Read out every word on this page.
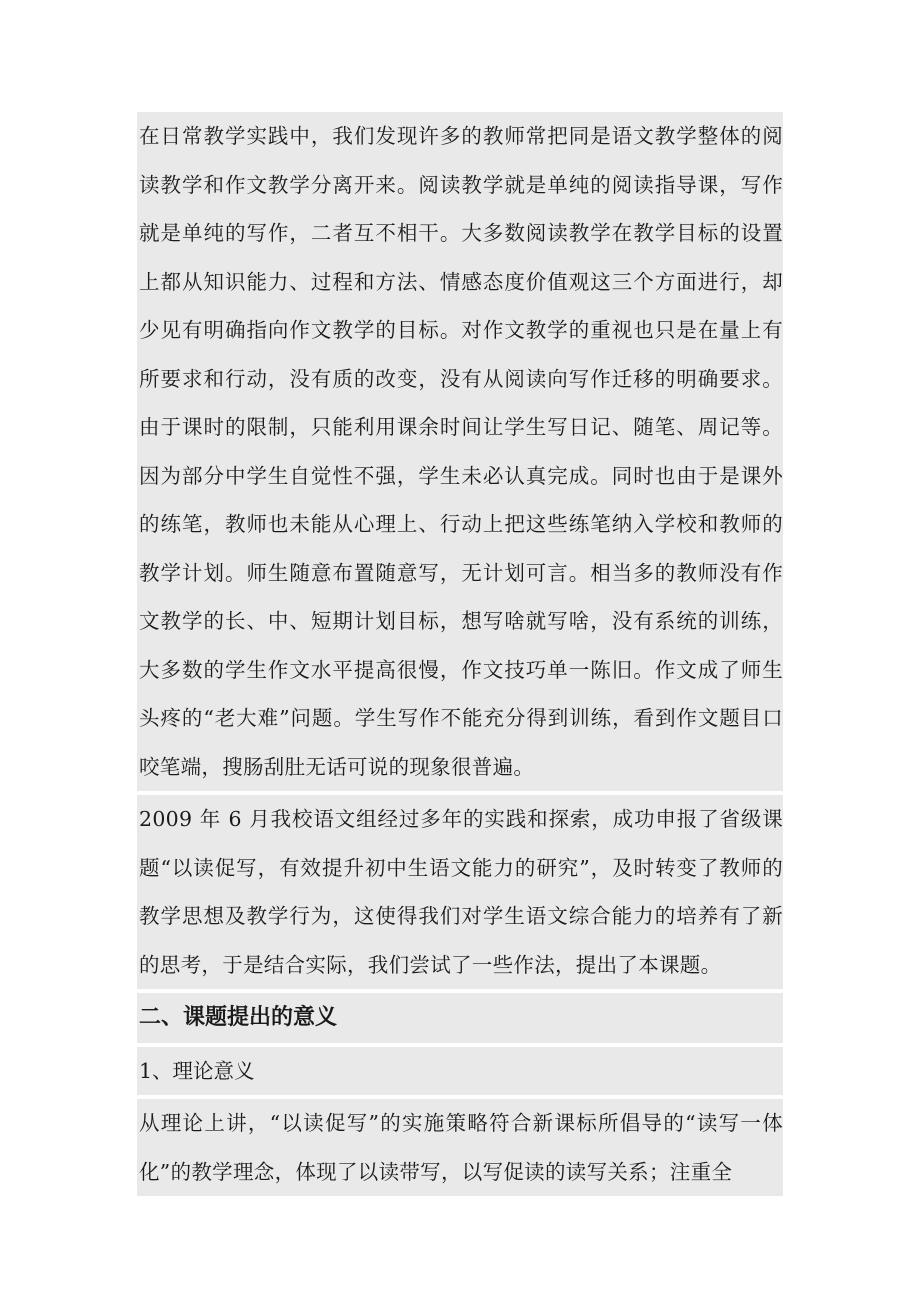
在日常教学实践中，我们发现许多的教师常把同是语文教学整体的阅读教学和作文教学分离开来。阅读教学就是单纯的阅读指导课，写作就是单纯的写作，二者互不相干。大多数阅读教学在教学目标的设置上都从知识能力、过程和方法、情感态度价值观这三个方面进行，却少见有明确指向作文教学的目标。对作文教学的重视也只是在量上有所要求和行动，没有质的改变，没有从阅读向写作迁移的明确要求。由于课时的限制，只能利用课余时间让学生写日记、随笔、周记等。因为部分中学生自觉性不强，学生未必认真完成。同时也由于是课外的练笔，教师也未能从心理上、行动上把这些练笔纳入学校和教师的教学计划。师生随意布置随意写，无计划可言。相当多的教师没有作文教学的长、中、短期计划目标，想写啥就写啥，没有系统的训练，大多数的学生作文水平提高很慢，作文技巧单一陈旧。作文成了师生头疼的“老大难”问题。学生写作不能充分得到训练，看到作文题目口咬笔端，搜肠刮肚无话可说的现象很普遍。

2009 年 6 月我校语文组经过多年的实践和探索，成功申报了省级课题“以读促写，有效提升初中生语文能力的研究”，及时转变了教师的教学思想及教学行为，这使得我们对学生语文综合能力的培养有了新的思考，于是结合实际，我们尝试了一些作法，提出了本课题。

二、课题提出的意义
1、理论意义

从理论上讲，“以读促写”的实施策略符合新课标所倡导的“读写一体化”的教学理念，体现了以读带写，以写促读的读写关系；注重全
